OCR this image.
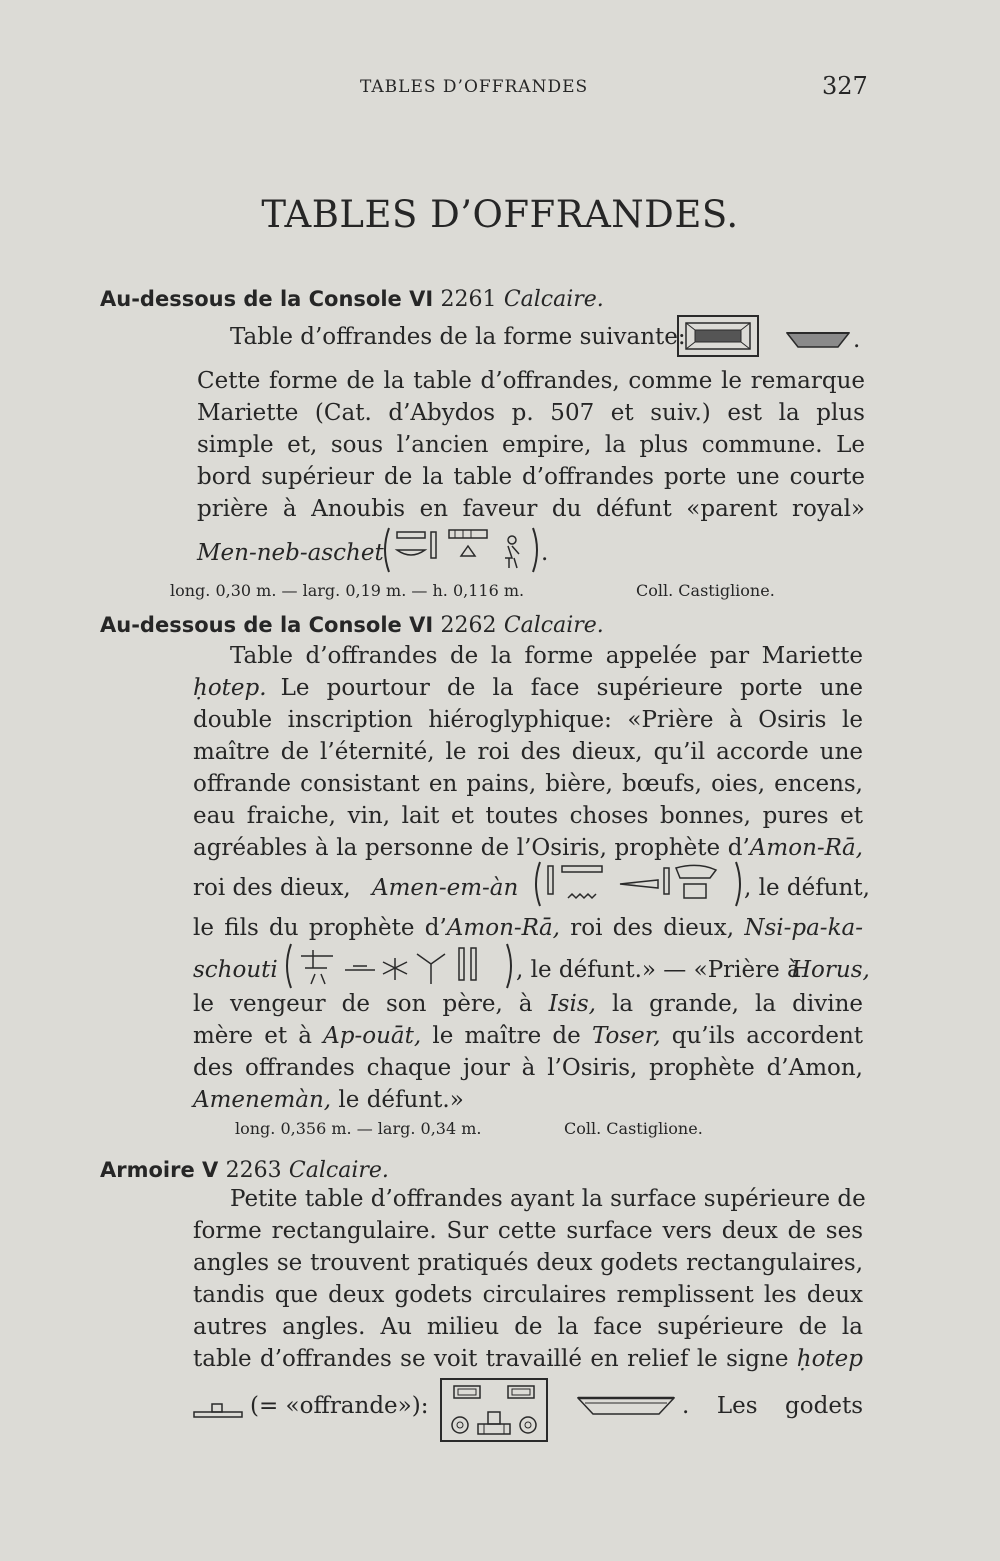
TABLES D’OFFRANDES	327
TABLES D’OFFRANDES.
Au-dessous de la Console VI 2261 Calcaire.
Table d’offrandes de la forme suivante:	.
Cette forme de la table d’offrandes, comme le remarque
Mariette (Cat. d’Abydos p. 507 et suiv.) est la plus
simple et, sous l’ancien empire, la plus commune. Le
bord supérieur de la table d’offrandes porte une courte
prière à Anoubis en faveur du défunt «parent royal»
Men-neb-aschet	.
long. 0,30 m. — larg. 0,19 m. — h. 0,116 m.	Coll. Castiglione.
Au-dessous de la Console VI 2262 Calcaire.
Table d’offrandes de la forme appelée par Mariette
ḥotep. Le pourtour de la face supérieure porte une
double inscription hiéroglyphique: «Prière à Osiris le
maître de l’éternité, le roi des dieux, qu’il accorde une
offrande consistant en pains, bière, bœufs, oies, encens,
eau fraiche, vin, lait et toutes choses bonnes, pures et
agréables à la personne de l’Osiris, prophète d’Amon-Rā,
roi des dieux, Amen-em-àn	, le défunt,
le fils du prophète d’Amon-Rā, roi des dieux, Nsi-pa-ka-
schouti	, le défunt.» — «Prière à
Horus,
le vengeur de son père, à Isis, la grande, la divine
mère et à Ap-ouāt, le maître de Toser, qu’ils accordent
des offrandes chaque jour à l’Osiris, prophète d’Amon,
Amenemàn, le défunt.»
long. 0,356 m. — larg. 0,34 m.	Coll. Castiglione.
Armoire V 2263 Calcaire.
Petite table d’offrandes ayant la surface supérieure de
forme rectangulaire. Sur cette surface vers deux de ses
angles se trouvent pratiqués deux godets rectangulaires,
tandis que deux godets circulaires remplissent les deux
autres angles. Au milieu de la face supérieure de la
table d’offrandes se voit travaillé en relief le signe ḥotep
(= «offrande»):	. Les godets
